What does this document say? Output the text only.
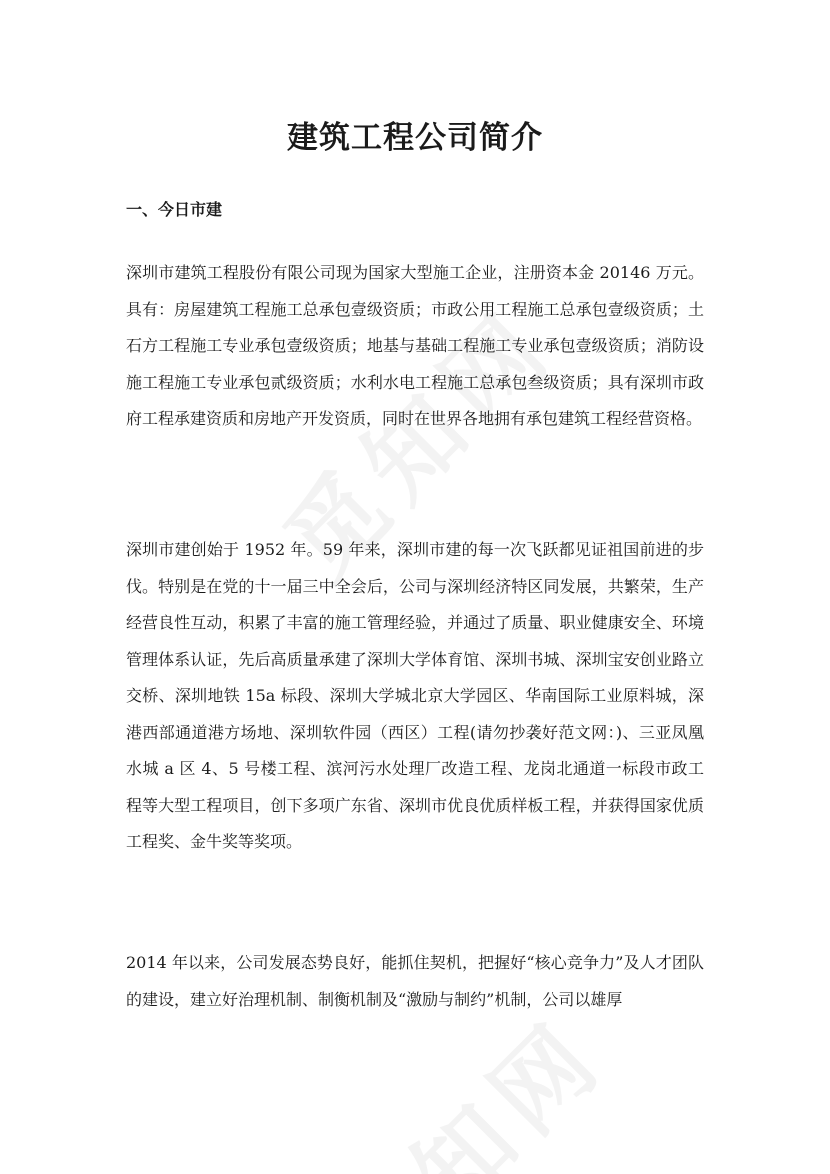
建筑工程公司简介
一、今日市建

深圳市建筑工程股份有限公司现为国家大型施工企业，注册资本金 20146 万元。具有：房屋建筑工程施工总承包壹级资质；市政公用工程施工总承包壹级资质；土石方工程施工专业承包壹级资质；地基与基础工程施工专业承包壹级资质；消防设施工程施工专业承包贰级资质；水利水电工程施工总承包叁级资质；具有深圳市政府工程承建资质和房地产开发资质，同时在世界各地拥有承包建筑工程经营资格。

深圳市建创始于 1952 年。59 年来，深圳市建的每一次飞跃都见证祖国前进的步伐。特别是在党的十一届三中全会后，公司与深圳经济特区同发展，共繁荣，生产经营良性互动，积累了丰富的施工管理经验，并通过了质量、职业健康安全、环境管理体系认证，先后高质量承建了深圳大学体育馆、深圳书城、深圳宝安创业路立交桥、深圳地铁 15a 标段、深圳大学城北京大学园区、华南国际工业原料城，深港西部通道港方场地、深圳软件园（西区）工程(请勿抄袭好范文网：)、三亚凤凰水城 a 区 4、5 号楼工程、滨河污水处理厂改造工程、龙岗北通道一标段市政工程等大型工程项目，创下多项广东省、深圳市优良优质样板工程，并获得国家优质工程奖、金牛奖等奖项。

2014 年以来，公司发展态势良好，能抓住契机，把握好“核心竞争力”及人才团队的建设，建立好治理机制、制衡机制及“激励与制约”机制，公司以雄厚
